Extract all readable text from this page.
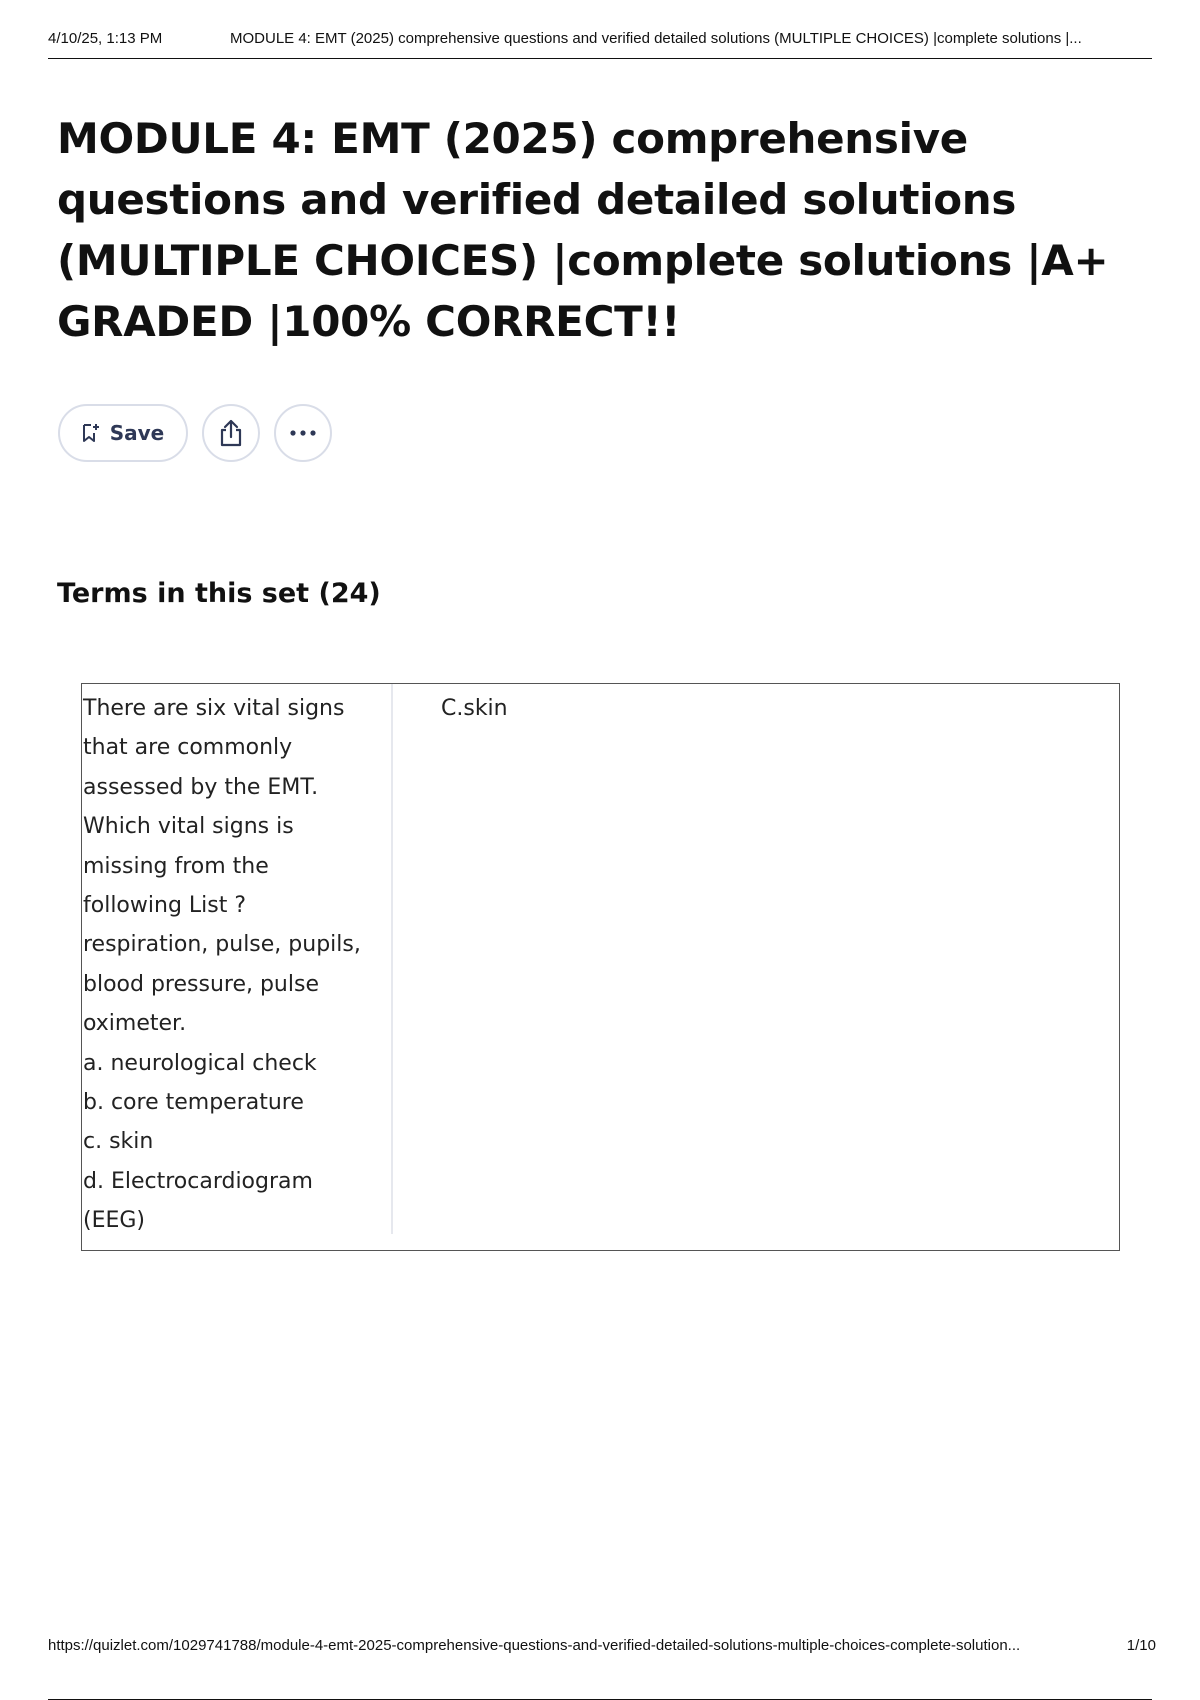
4/10/25, 1:13 PM	MODULE 4: EMT (2025) comprehensive questions and verified detailed solutions (MULTIPLE CHOICES) |complete solutions |...
MODULE 4: EMT (2025) comprehensive questions and verified detailed solutions (MULTIPLE CHOICES) |complete solutions |A+ GRADED |100% CORRECT!!
Save
Terms in this set (24)
There are six vital signs
that are commonly
assessed by the EMT.
Which vital signs is
missing from the
following List ?
respiration, pulse, pupils,
blood pressure, pulse
oximeter.
a. neurological check
b. core temperature
c. skin
d. Electrocardiogram
(EEG)
C.skin
https://quizlet.com/1029741788/module-4-emt-2025-comprehensive-questions-and-verified-detailed-solutions-multiple-choices-complete-solution...	1/10
